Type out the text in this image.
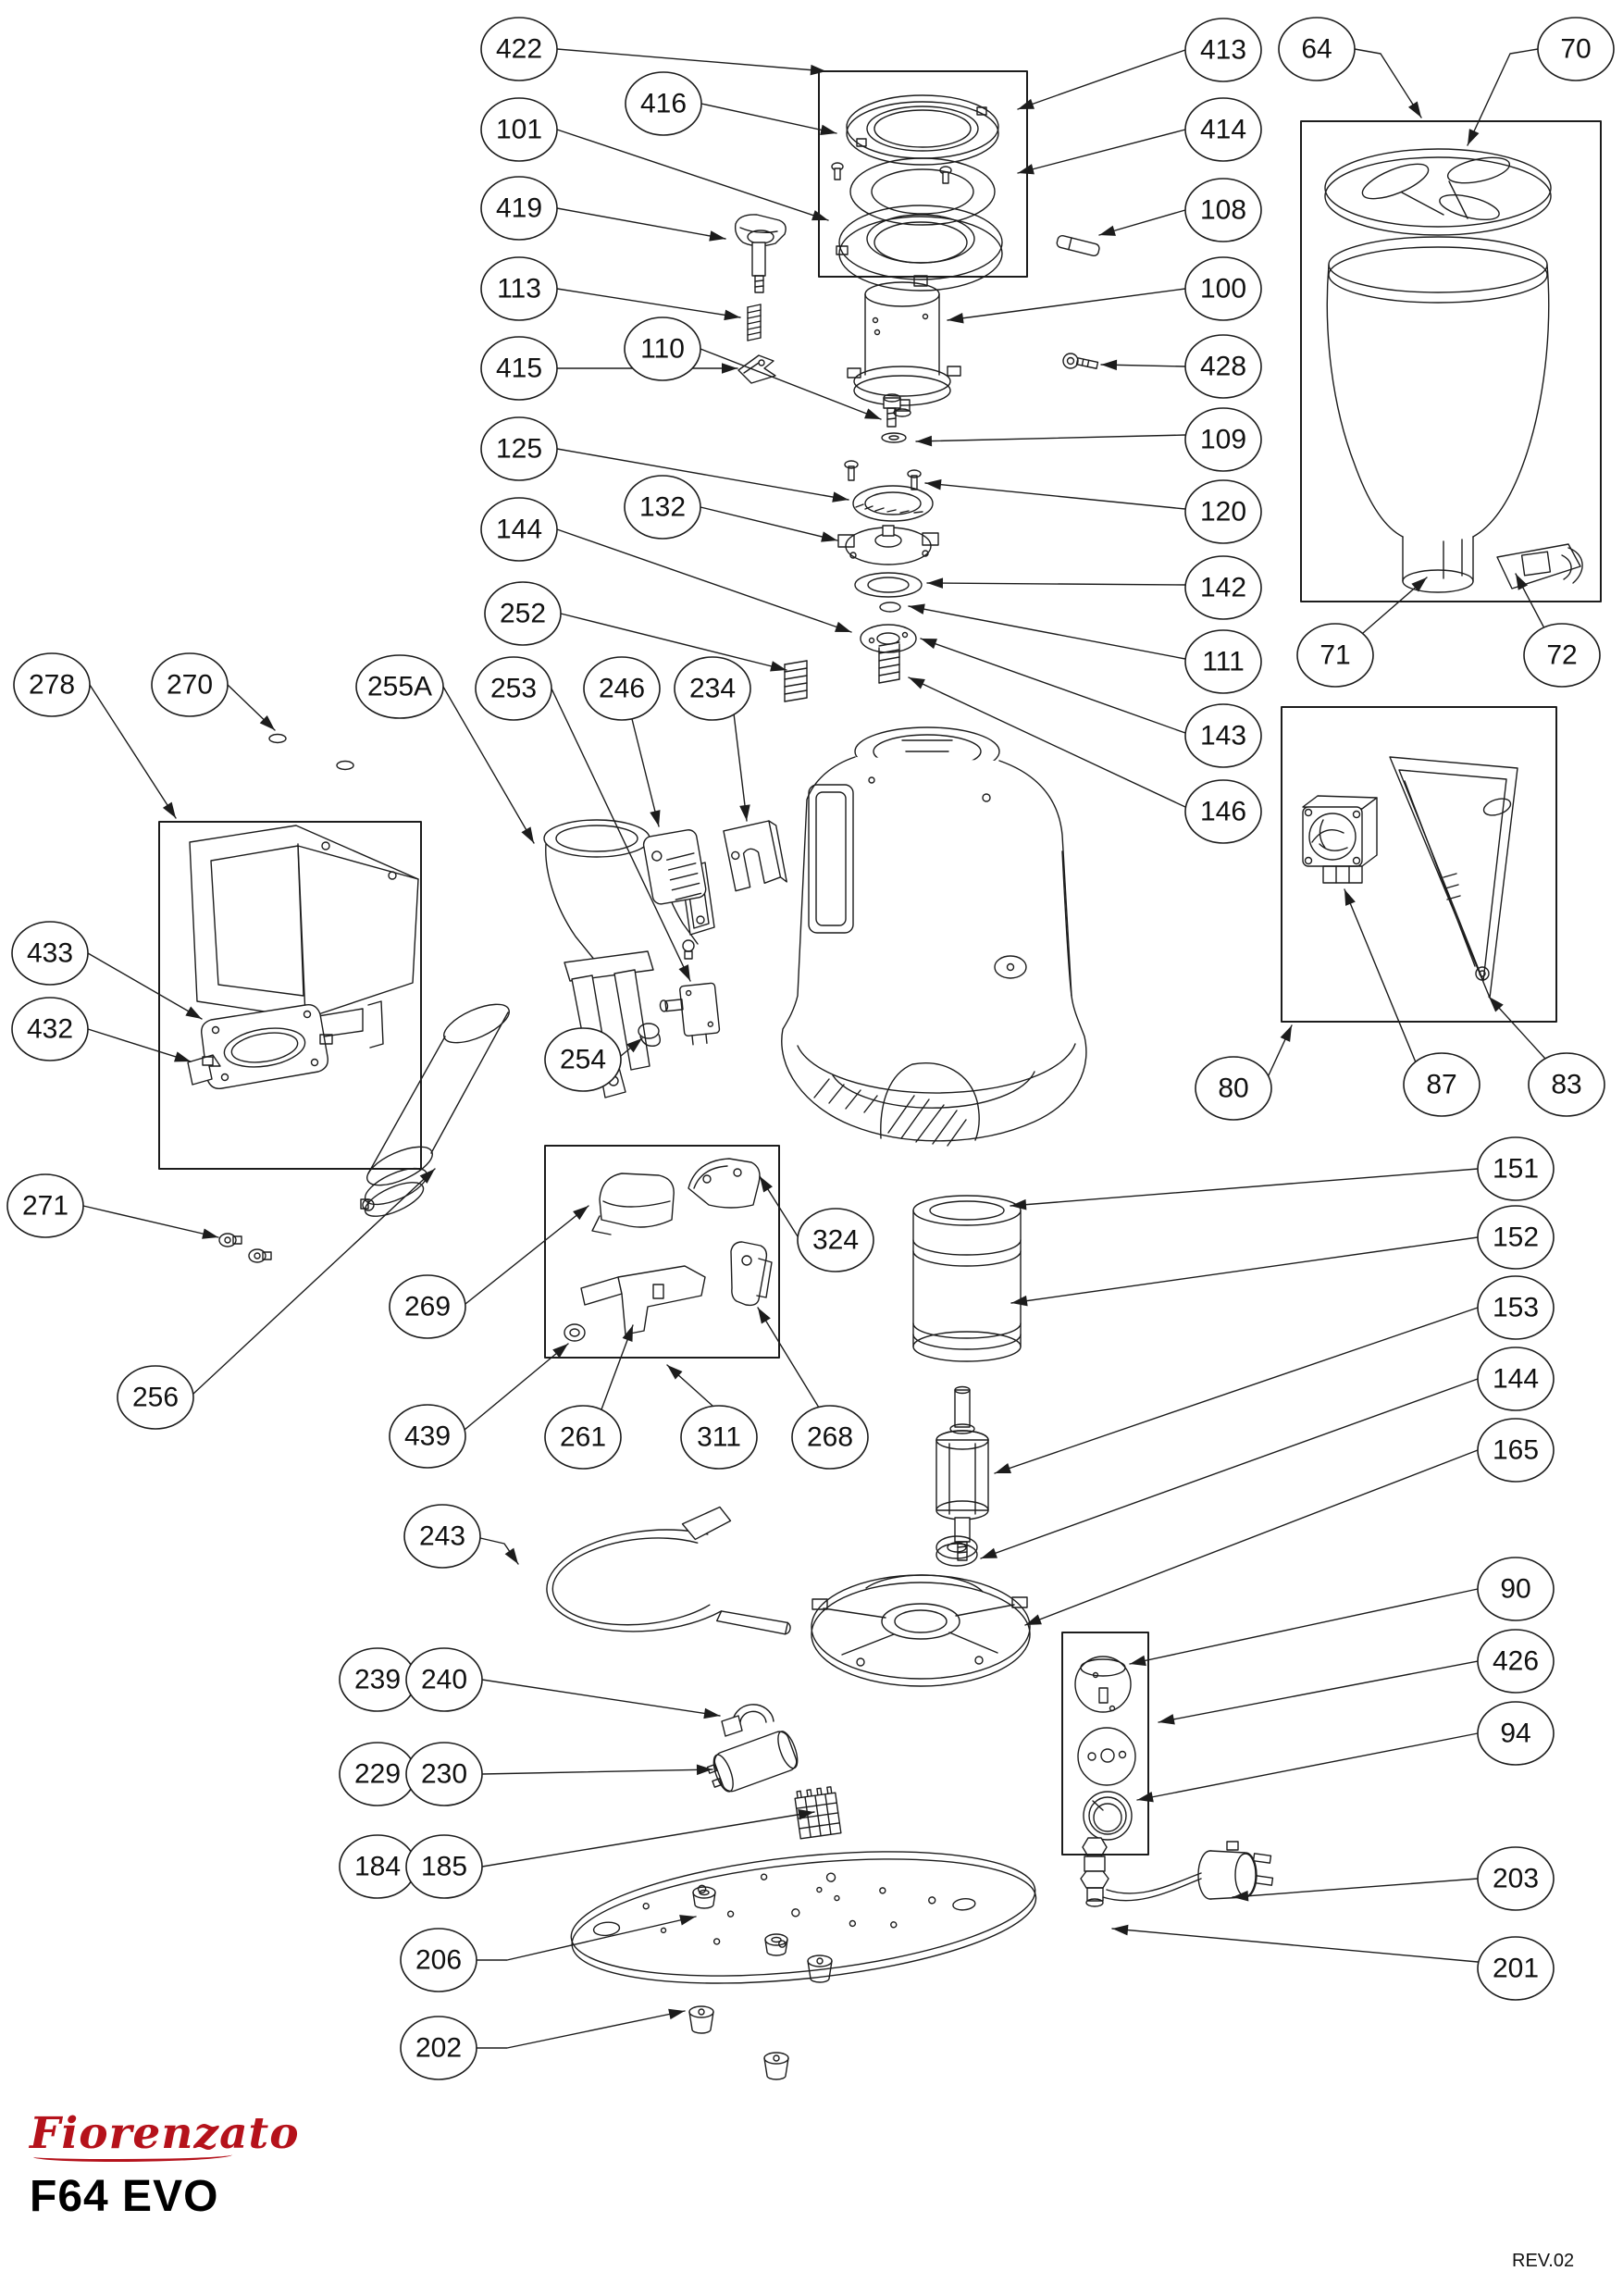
422
416
101
419
113
415
110
125
132
144
252
413
414
108
100
428
109
120
142
111
143
146
64	70
71	72
278	270	255A 253 246 234
433
432
271
256
254
269
439	261	311 268
324
80	87	83
151
152
153
144
165
90
426
94
203
201
243
239 240
229 230
184 185
206
202
Fiorenzato
F64 EVO
REV.02
